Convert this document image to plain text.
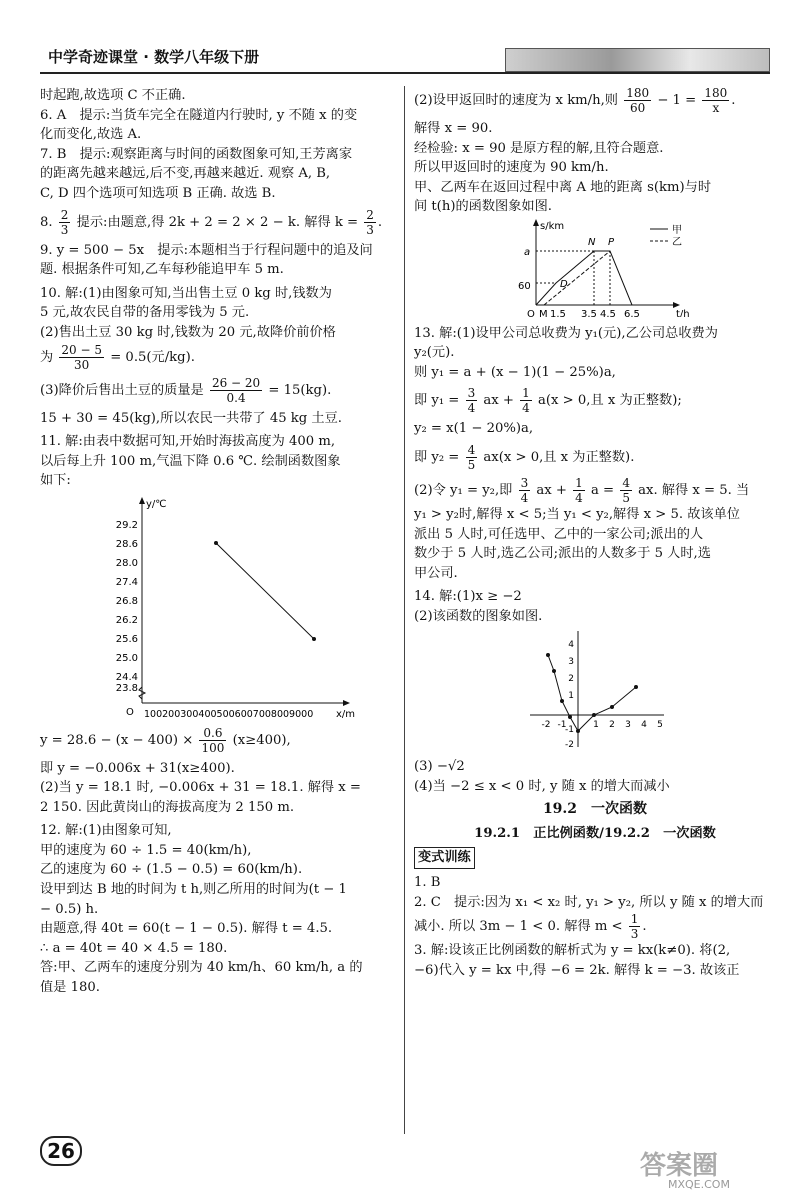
中学奇迹课堂 · 数学八年级下册

时起跑,故选项 C 不正确.

6. A　提示:当货车完全在隧道内行驶时, y 不随 x 的变

化而变化,故选 A.

7. B　提示:观察距离与时间的函数图象可知,王芳离家

的距离先越来越远,后不变,再越来越近. 观察 A, B,

C, D 四个选项可知选项 B 正确. 故选 B.

8. $\frac{2}{3}$ 提示:由题意,得 2k + 2 = 2 × 2 − k. 解得 $k = \frac{2}{3}$ .

9. y = 500 − 5x　提示:本题相当于行程问题中的追及问

题. 根据条件可知,乙车每秒能追甲车 5 m.

10. 解:(1)由图象可知,当出售土豆 0 kg 时,钱数为

5 元,故农民自带的备用零钱为 5 元.

(2)售出土豆 30 kg 时,钱数为 20 元,故降价前价格

为 $\frac{20 - 5}{30} = 0.5$(元/kg).

(3)降价后售出土豆的质量是 $\frac{26 - 20}{0.4} = 15(kg)$.

15 + 30 = 45(kg),所以农民一共带了 45 kg 土豆.

11. 解:由表中数据可知,开始时海拔高度为 400 m,

以后每上升 100 m,气温下降 0.6 ℃. 绘制函数图象

如下:

y/℃
x/m
O
29.2
28.6
28.0
27.4
26.8
26.2
25.6
25.0
24.4
23.8
1002003004005006007008009000

$y = 28.6 - (x - 400) \times \frac{0.6}{100} (x\ge 400)$,

即 y = −0.006x + 31(x≥400).

(2)当 y = 18.1 时, −0.006x + 31 = 18.1. 解得 x =

2 150. 因此黄岗山的海拔高度为 2 150 m.

12. 解:(1)由图象可知,

甲的速度为 60 ÷ 1.5 = 40(km/h),

乙的速度为 60 ÷ (1.5 − 0.5) = 60(km/h).

设甲到达 B 地的时间为 t h,则乙所用的时间为(t − 1

− 0.5) h.

由题意,得 40t = 60(t − 1 − 0.5). 解得 t = 4.5.

∴ a = 40t = 40 × 4.5 = 180.

答:甲、乙两车的速度分别为 40 km/h、60 km/h, a 的

值是 180.

(2)设甲返回时的速度为 x km/h,则 $\frac{180}{60} - 1 = \frac{180}{x}$ .

解得 x = 90.

经检验: x = 90 是原方程的解,且符合题意.

所以甲返回时的速度为 90 km/h.

甲、乙两车在返回过程中离 A 地的距离 s(km)与时

间 t(h)的函数图象如图.

s/km
t/h
a
60
O M 1.5 3.5 4.5 6.5
N P
D
甲
乙

13. 解:(1)设甲公司总收费为 y₁(元),乙公司总收费为

y₂(元).

则 y₁ = a + (x − 1)(1 − 25%)a,

即 $y_1 = \frac{3}{4}$ ax + $\frac{1}{4} a(x > 0$,且 x 为正整数);

y₂ = x(1 − 20%)a,

即 $y_2 = \frac{4}{5} ax(x > 0$,且 x 为正整数).

(2)令 y₁ = y₂,即 $\frac{3}{4}$ ax + $\frac{1}{4}$ $a = \frac{4}{5}$ ax. 解得 x = 5. 当

y₁ > y₂时,解得 x < 5;当 y₁ < y₂,解得 x > 5. 故该单位

派出 5 人时,可任选甲、乙中的一家公司;派出的人

数少于 5 人时,选乙公司;派出的人数多于 5 人时,选

甲公司.

14. 解:(1)x ≥ −2

(2)该函数的图象如图.

4
3
2
1
-1
-2
-2 -1	1 2 3 4 5

(3) −√2

(4)当 −2 ≤ x < 0 时, y 随 x 的增大而减小

19.2　一次函数

19.2.1　正比例函数/19.2.2　一次函数

变式训练

1. B

2. C　提示:因为 x₁ < x₂ 时, y₁ > y₂, 所以 y 随 x 的增大而

减小. 所以 3m − 1 < 0. 解得 $m < \frac{1}{3}$ .

3. 解:设该正比例函数的解析式为 y = kx(k≠0). 将(2,

−6)代入 y = kx 中,得 −6 = 2k. 解得 k = −3. 故该正

26	答案圈
MXQE.COM
